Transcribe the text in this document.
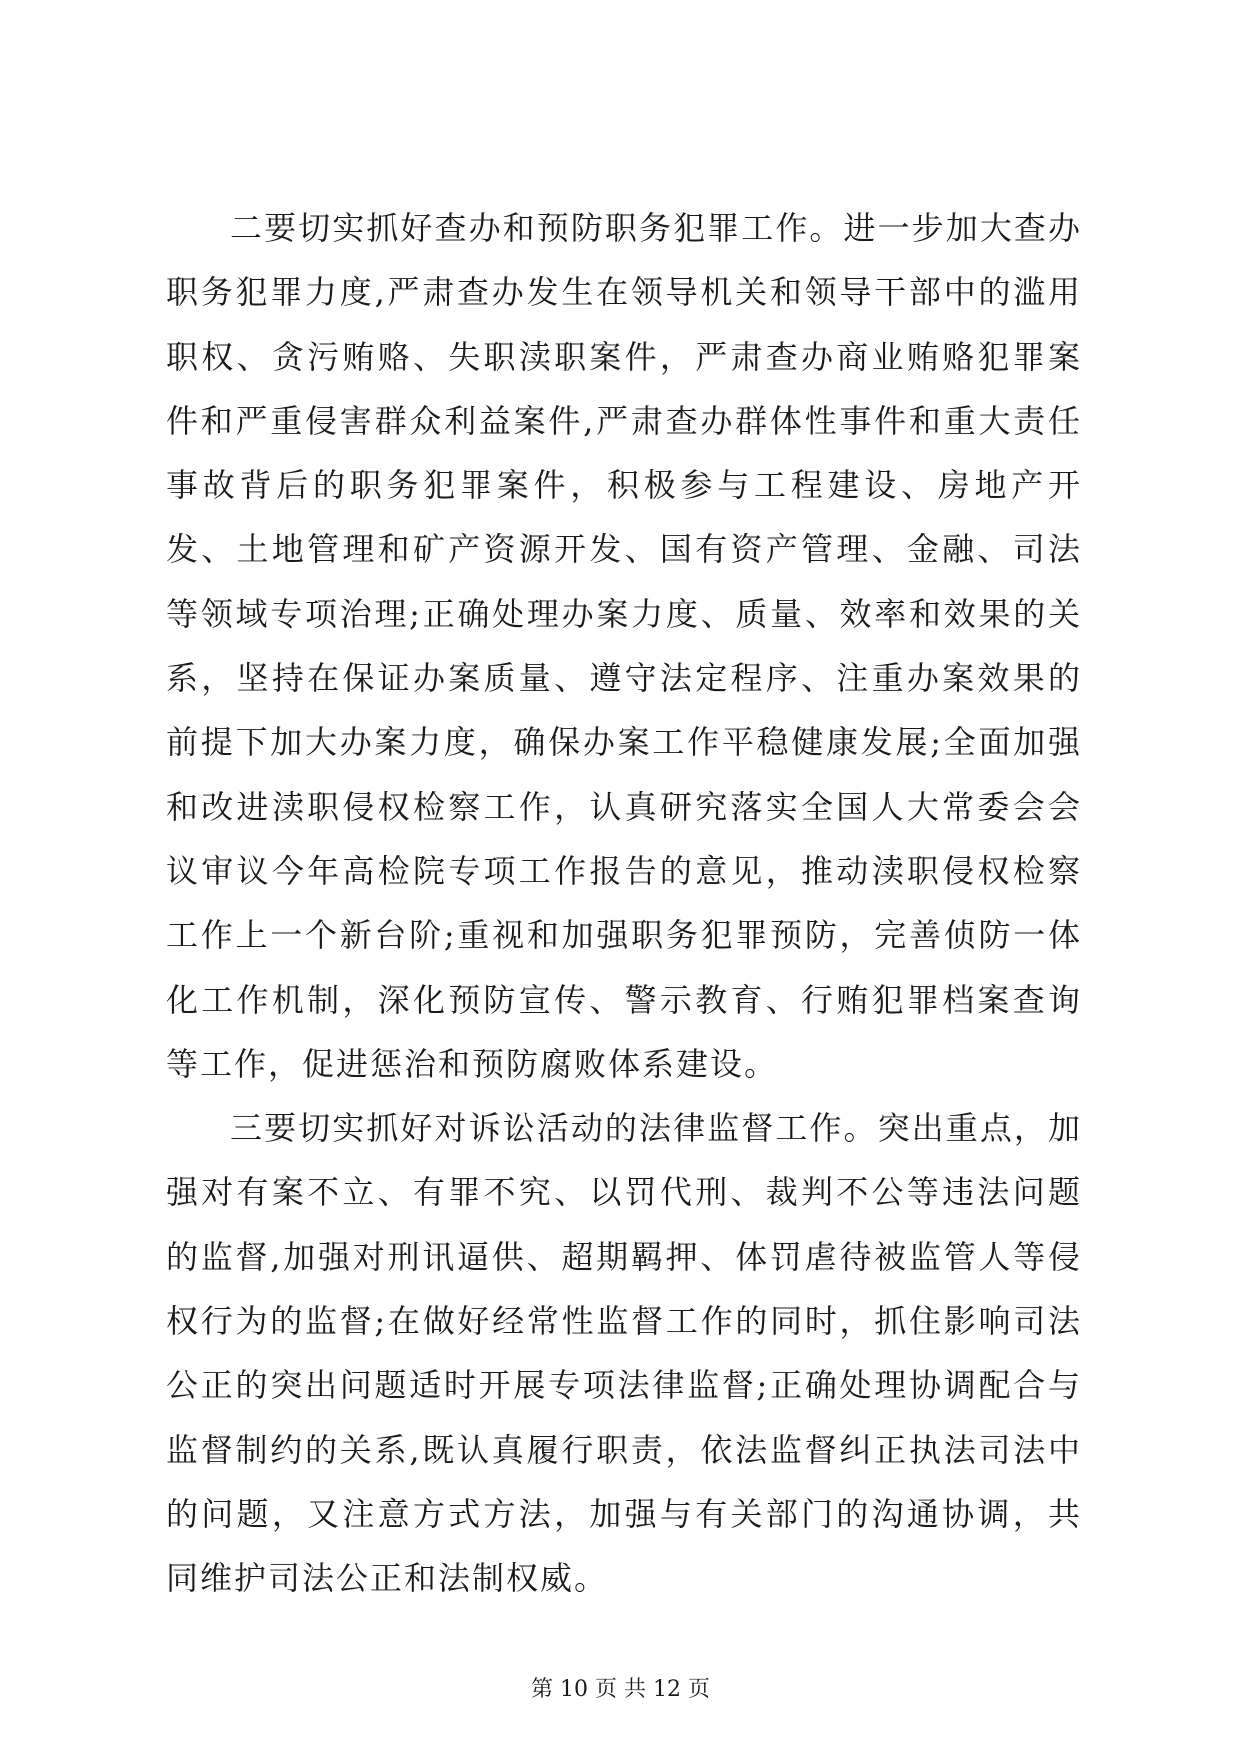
二要切实抓好查办和预防职务犯罪工作。进一步加大查办职务犯罪力度,严肃查办发生在领导机关和领导干部中的滥用职权、贪污贿赂、失职渎职案件，严肃查办商业贿赂犯罪案件和严重侵害群众利益案件,严肃查办群体性事件和重大责任事故背后的职务犯罪案件，积极参与工程建设、房地产开发、土地管理和矿产资源开发、国有资产管理、金融、司法等领域专项治理;正确处理办案力度、质量、效率和效果的关系，坚持在保证办案质量、遵守法定程序、注重办案效果的前提下加大办案力度，确保办案工作平稳健康发展;全面加强和改进渎职侵权检察工作，认真研究落实全国人大常委会会议审议今年高检院专项工作报告的意见，推动渎职侵权检察工作上一个新台阶;重视和加强职务犯罪预防，完善侦防一体化工作机制，深化预防宣传、警示教育、行贿犯罪档案查询等工作，促进惩治和预防腐败体系建设。

三要切实抓好对诉讼活动的法律监督工作。突出重点，加强对有案不立、有罪不究、以罚代刑、裁判不公等违法问题的监督,加强对刑讯逼供、超期羁押、体罚虐待被监管人等侵权行为的监督;在做好经常性监督工作的同时，抓住影响司法公正的突出问题适时开展专项法律监督;正确处理协调配合与监督制约的关系,既认真履行职责，依法监督纠正执法司法中的问题，又注意方式方法，加强与有关部门的沟通协调，共同维护司法公正和法制权威。

第 10 页 共 12 页
